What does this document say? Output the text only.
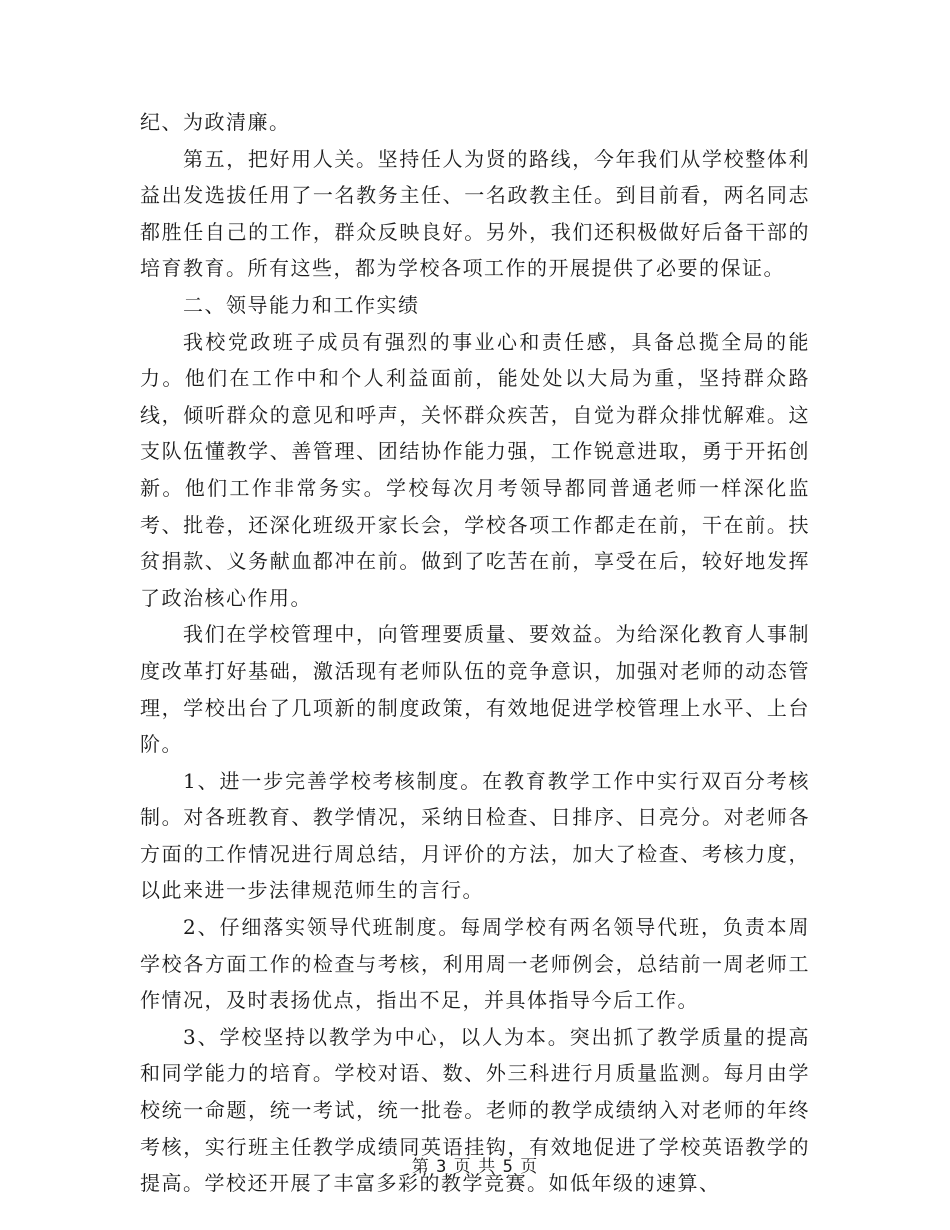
纪、为政清廉。

第五，把好用人关。坚持任人为贤的路线，今年我们从学校整体利益出发选拔任用了一名教务主任、一名政教主任。到目前看，两名同志都胜任自己的工作，群众反映良好。另外，我们还积极做好后备干部的培育教育。所有这些，都为学校各项工作的开展提供了必要的保证。

二、领导能力和工作实绩

我校党政班子成员有强烈的事业心和责任感，具备总揽全局的能力。他们在工作中和个人利益面前，能处处以大局为重，坚持群众路线，倾听群众的意见和呼声，关怀群众疾苦，自觉为群众排忧解难。这支队伍懂教学、善管理、团结协作能力强，工作锐意进取，勇于开拓创新。他们工作非常务实。学校每次月考领导都同普通老师一样深化监考、批卷，还深化班级开家长会，学校各项工作都走在前，干在前。扶贫捐款、义务献血都冲在前。做到了吃苦在前，享受在后，较好地发挥了政治核心作用。

我们在学校管理中，向管理要质量、要效益。为给深化教育人事制度改革打好基础，激活现有老师队伍的竞争意识，加强对老师的动态管理，学校出台了几项新的制度政策，有效地促进学校管理上水平、上台阶。

1、进一步完善学校考核制度。在教育教学工作中实行双百分考核制。对各班教育、教学情况，采纳日检查、日排序、日亮分。对老师各方面的工作情况进行周总结，月评价的方法，加大了检查、考核力度，以此来进一步法律规范师生的言行。

2、仔细落实领导代班制度。每周学校有两名领导代班，负责本周学校各方面工作的检查与考核，利用周一老师例会，总结前一周老师工作情况，及时表扬优点，指出不足，并具体指导今后工作。

3、学校坚持以教学为中心，以人为本。突出抓了教学质量的提高和同学能力的培育。学校对语、数、外三科进行月质量监测。每月由学校统一命题，统一考试，统一批卷。老师的教学成绩纳入对老师的年终考核，实行班主任教学成绩同英语挂钩，有效地促进了学校英语教学的提高。学校还开展了丰富多彩的教学竞赛。如低年级的速算、

第 3 页 共 5 页
